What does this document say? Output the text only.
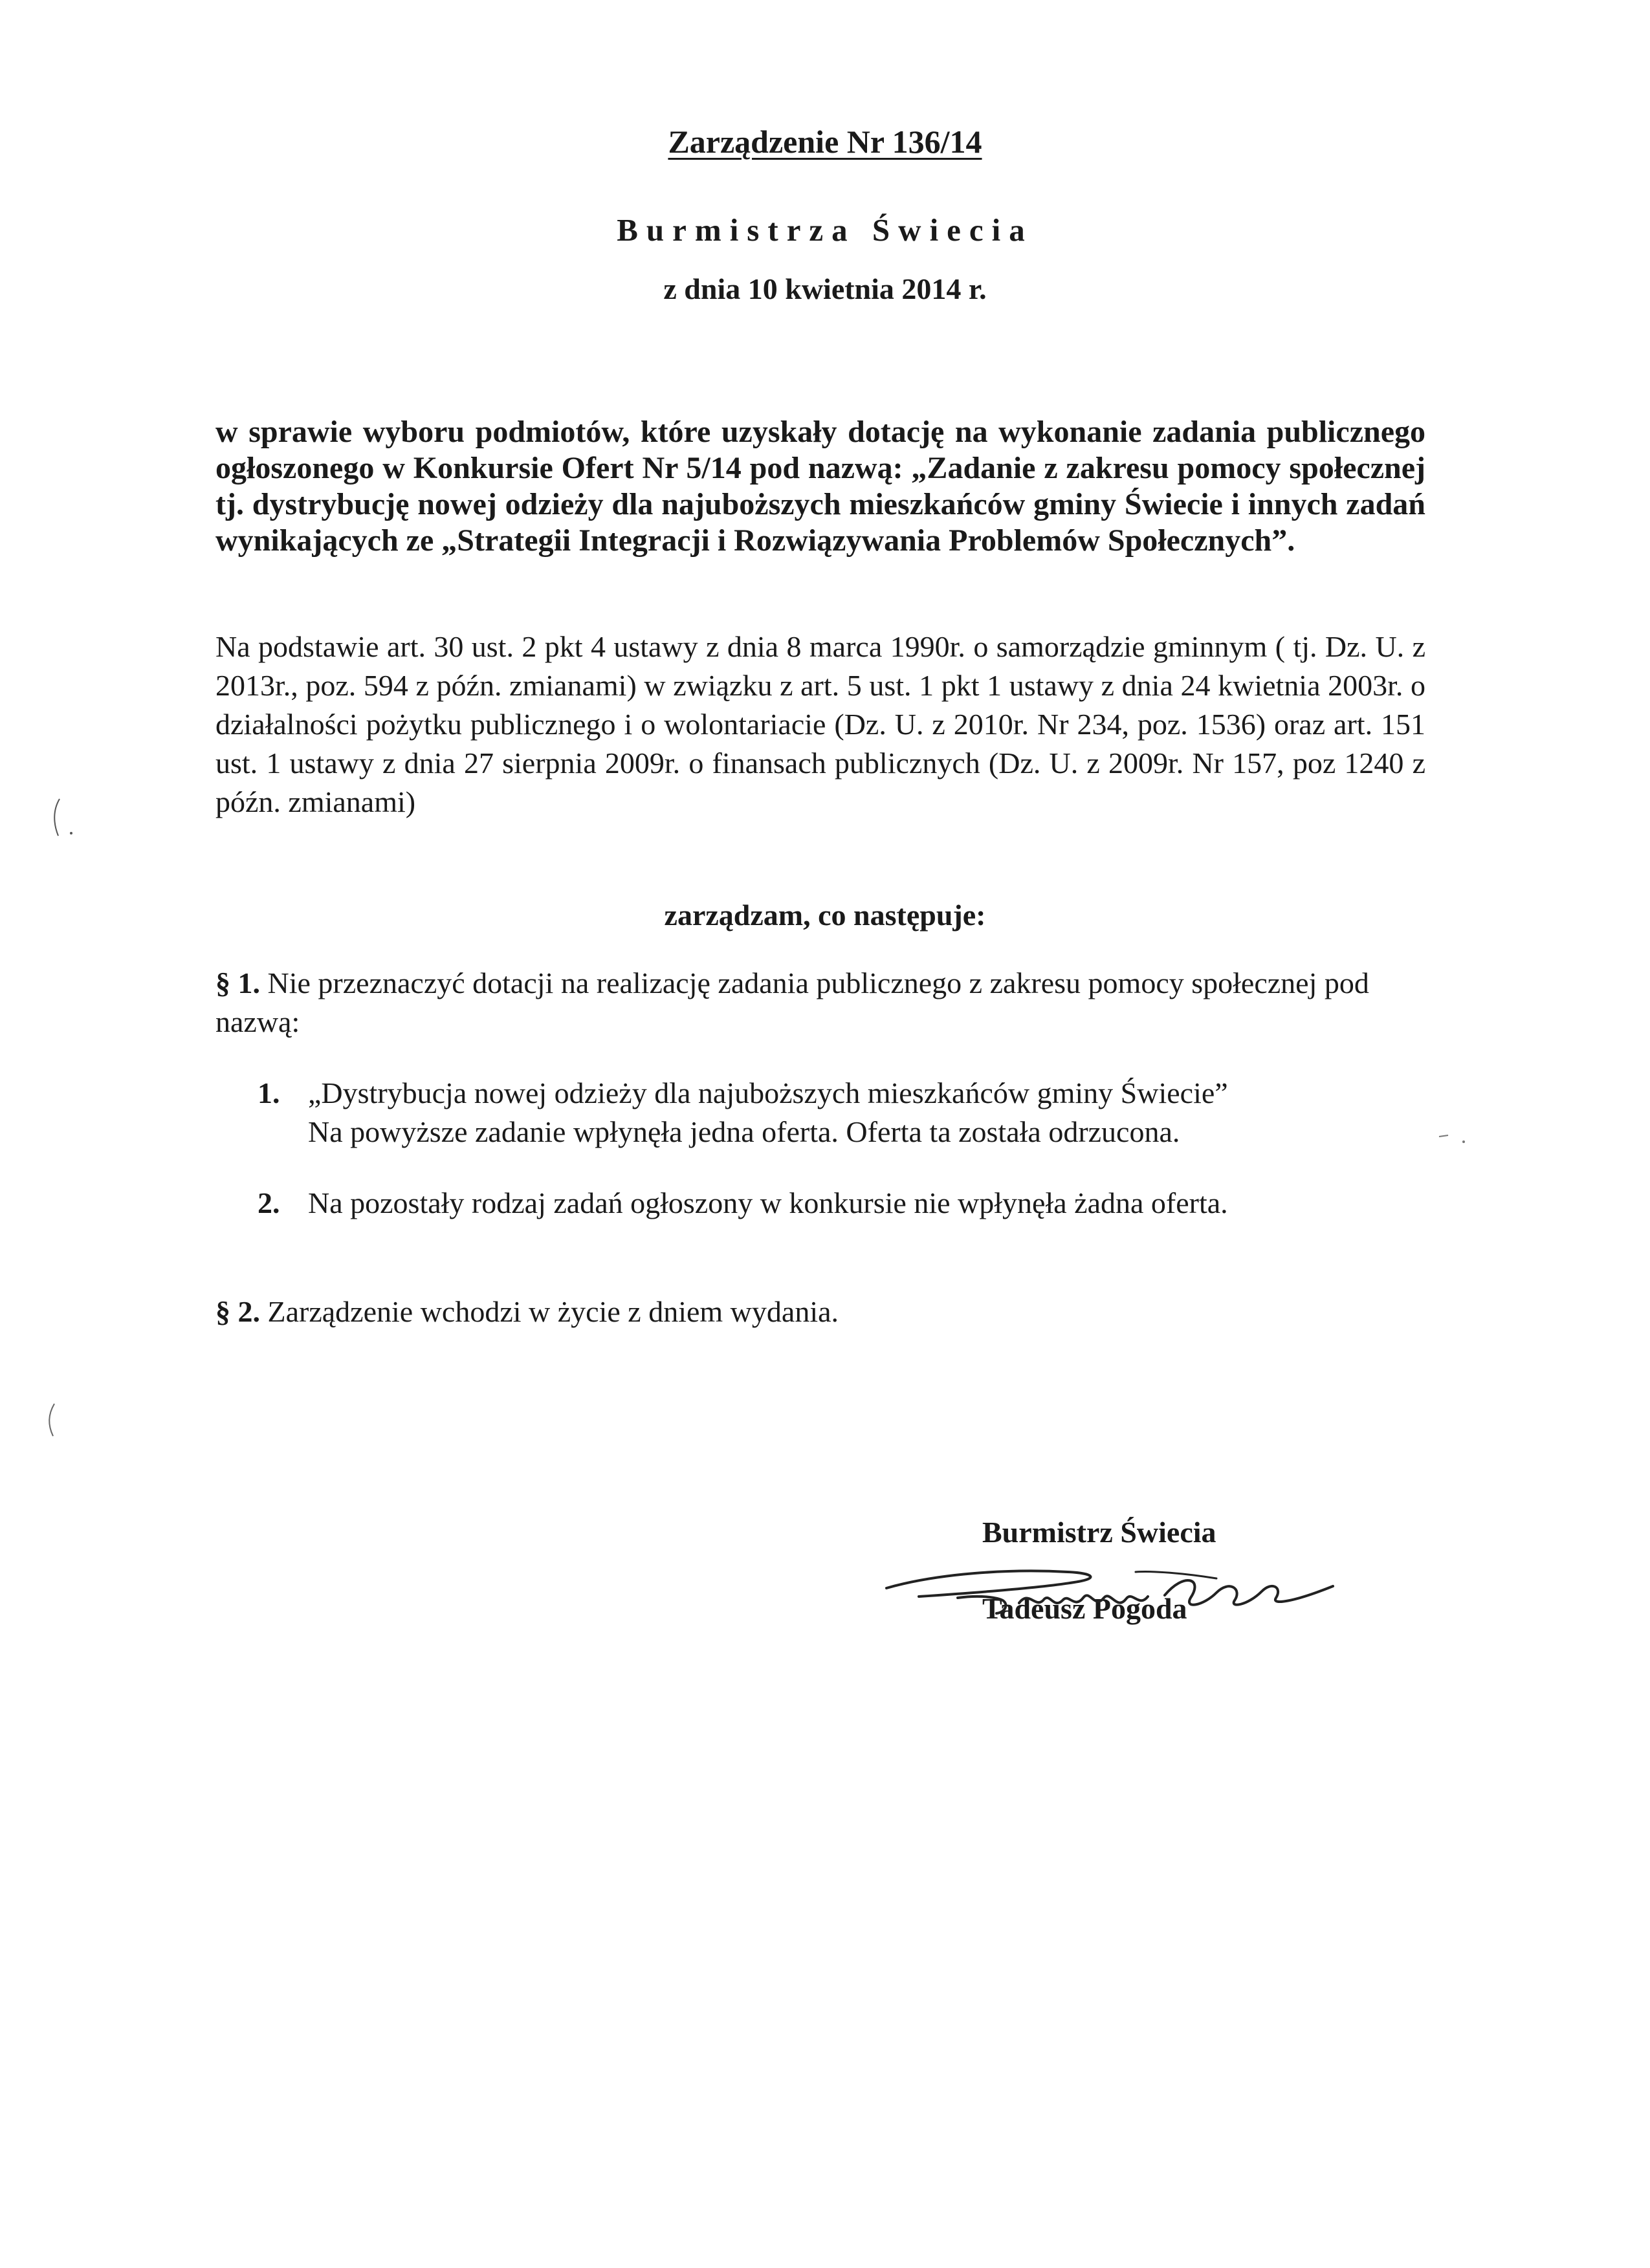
Zarządzenie Nr 136/14
Burmistrza Świecia
z dnia 10 kwietnia 2014 r.
w sprawie wyboru podmiotów, które uzyskały dotację na wykonanie zadania publicznego ogłoszonego w Konkursie Ofert Nr 5/14 pod nazwą: „Zadanie z zakresu pomocy społecznej tj. dystrybucję nowej odzieży dla najuboższych mieszkańców gminy Świecie i innych zadań wynikających ze „Strategii Integracji i Rozwiązywania Problemów Społecznych”.
Na podstawie art. 30 ust. 2 pkt 4 ustawy z dnia 8 marca 1990r. o samorządzie gminnym ( tj. Dz. U. z 2013r., poz. 594 z późn. zmianami) w związku z art. 5 ust. 1 pkt 1 ustawy z dnia 24 kwietnia 2003r. o działalności pożytku publicznego i o wolontariacie (Dz. U. z 2010r. Nr 234, poz. 1536) oraz art. 151 ust. 1 ustawy z dnia 27 sierpnia 2009r. o finansach publicznych (Dz. U. z 2009r. Nr 157, poz 1240 z późn. zmianami)
zarządzam, co następuje:
§ 1. Nie przeznaczyć dotacji na realizację zadania publicznego z zakresu pomocy społecznej pod nazwą:
1. „Dystrybucja nowej odzieży dla najuboższych mieszkańców gminy Świecie”
Na powyższe zadanie wpłynęła jedna oferta. Oferta ta została odrzucona.
2. Na pozostały rodzaj zadań ogłoszony w konkursie nie wpłynęła żadna oferta.
§ 2. Zarządzenie wchodzi w życie z dniem wydania.
Burmistrz Świecia
Tadeusz Pogoda
